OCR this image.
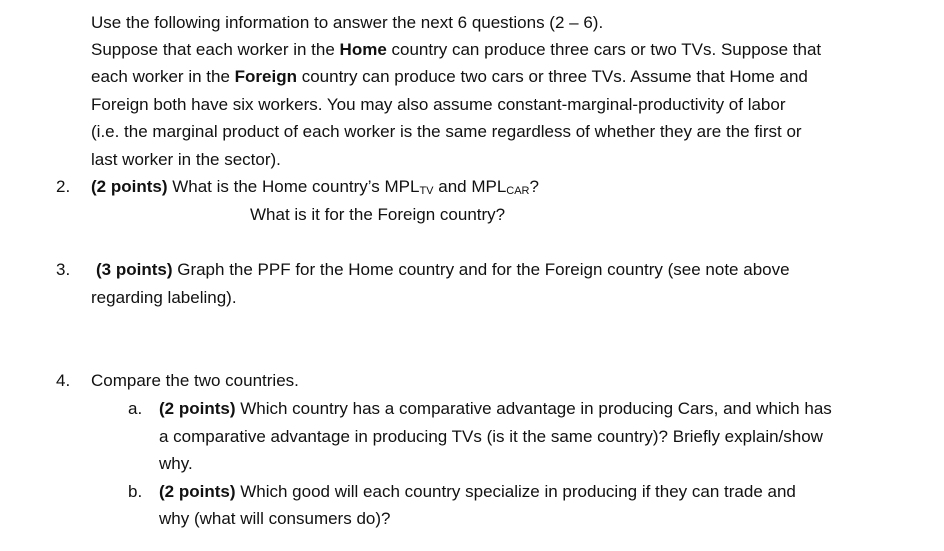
Use the following information to answer the next 6 questions (2 – 6).
Suppose that each worker in the Home country can produce three cars or two TVs. Suppose that
each worker in the Foreign country can produce two cars or three TVs. Assume that Home and
Foreign both have six workers. You may also assume constant-marginal-productivity of labor
(i.e. the marginal product of each worker is the same regardless of whether they are the first or
last worker in the sector).
2. (2 points) What is the Home country’s $MPL_{TV}$ and $MPL_{CAR}$?
What is it for the Foreign country?
3. (3 points) Graph the PPF for the Home country and for the Foreign country (see note above
regarding labeling).
4. Compare the two countries.
a. (2 points) Which country has a comparative advantage in producing Cars, and which has
a comparative advantage in producing TVs (is it the same country)? Briefly explain/show
why.
b. (2 points) Which good will each country specialize in producing if they can trade and
why (what will consumers do)?
